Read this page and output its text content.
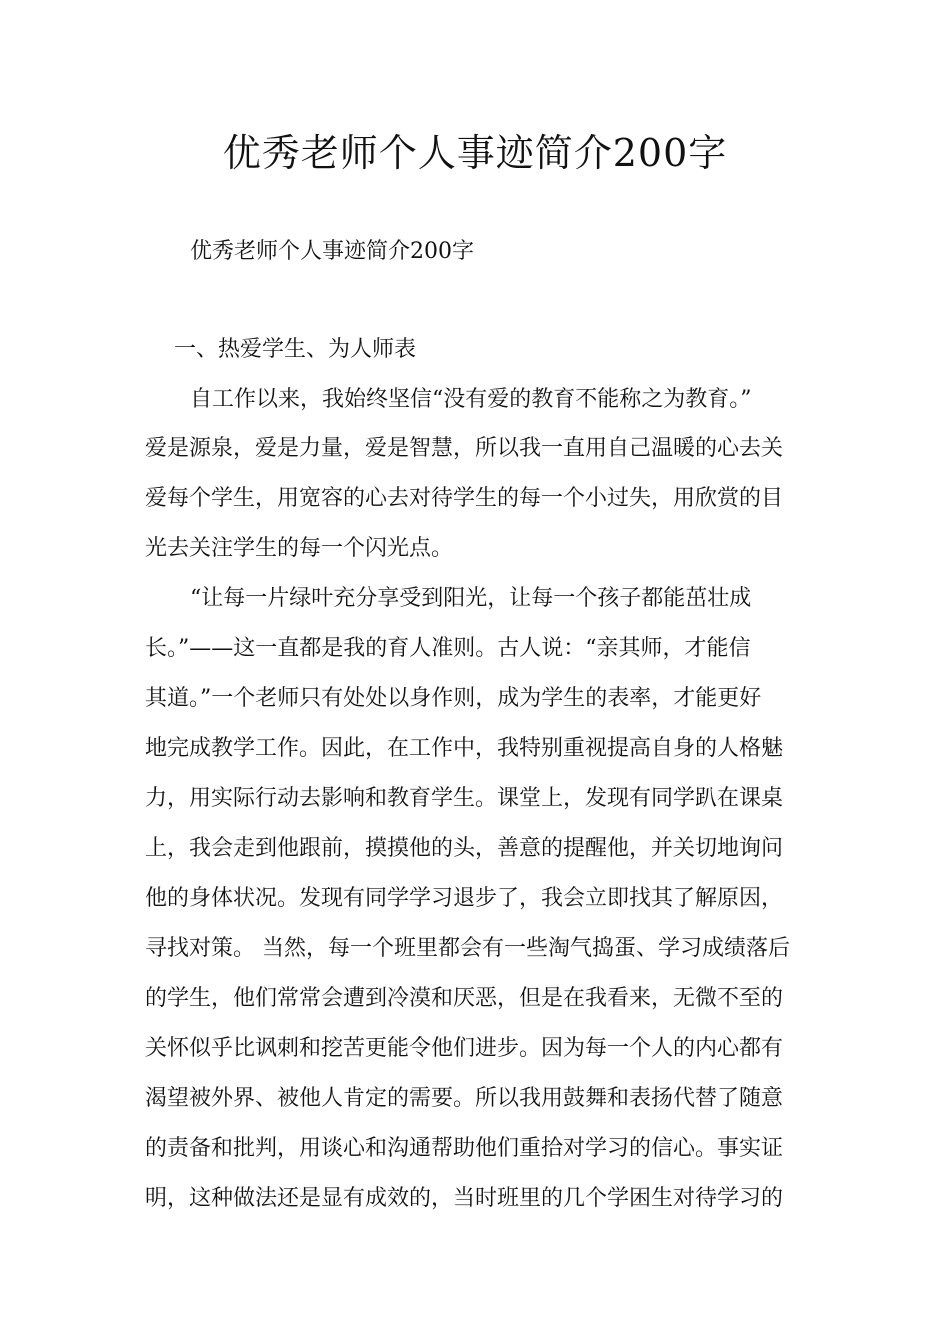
优秀老师个人事迹简介200字

优秀老师个人事迹简介200字

一、热爱学生、为人师表

自工作以来，我始终坚信“没有爱的教育不能称之为教育。”

爱是源泉，爱是力量，爱是智慧，所以我一直用自己温暖的心去关

爱每个学生，用宽容的心去对待学生的每一个小过失，用欣赏的目

光去关注学生的每一个闪光点。

“让每一片绿叶充分享受到阳光，让每一个孩子都能茁壮成

长。”——这一直都是我的育人准则。古人说：“亲其师，才能信

其道。”一个老师只有处处以身作则，成为学生的表率，才能更好

地完成教学工作。因此，在工作中，我特别重视提高自身的人格魅

力，用实际行动去影响和教育学生。课堂上，发现有同学趴在课桌

上，我会走到他跟前，摸摸他的头，善意的提醒他，并关切地询问

他的身体状况。发现有同学学习退步了，我会立即找其了解原因，

寻找对策。 当然，每一个班里都会有一些淘气捣蛋、学习成绩落后

的学生，他们常常会遭到冷漠和厌恶，但是在我看来，无微不至的

关怀似乎比讽刺和挖苦更能令他们进步。因为每一个人的内心都有

渴望被外界、被他人肯定的需要。所以我用鼓舞和表扬代替了随意

的责备和批判，用谈心和沟通帮助他们重拾对学习的信心。事实证

明，这种做法还是显有成效的，当时班里的几个学困生对待学习的
